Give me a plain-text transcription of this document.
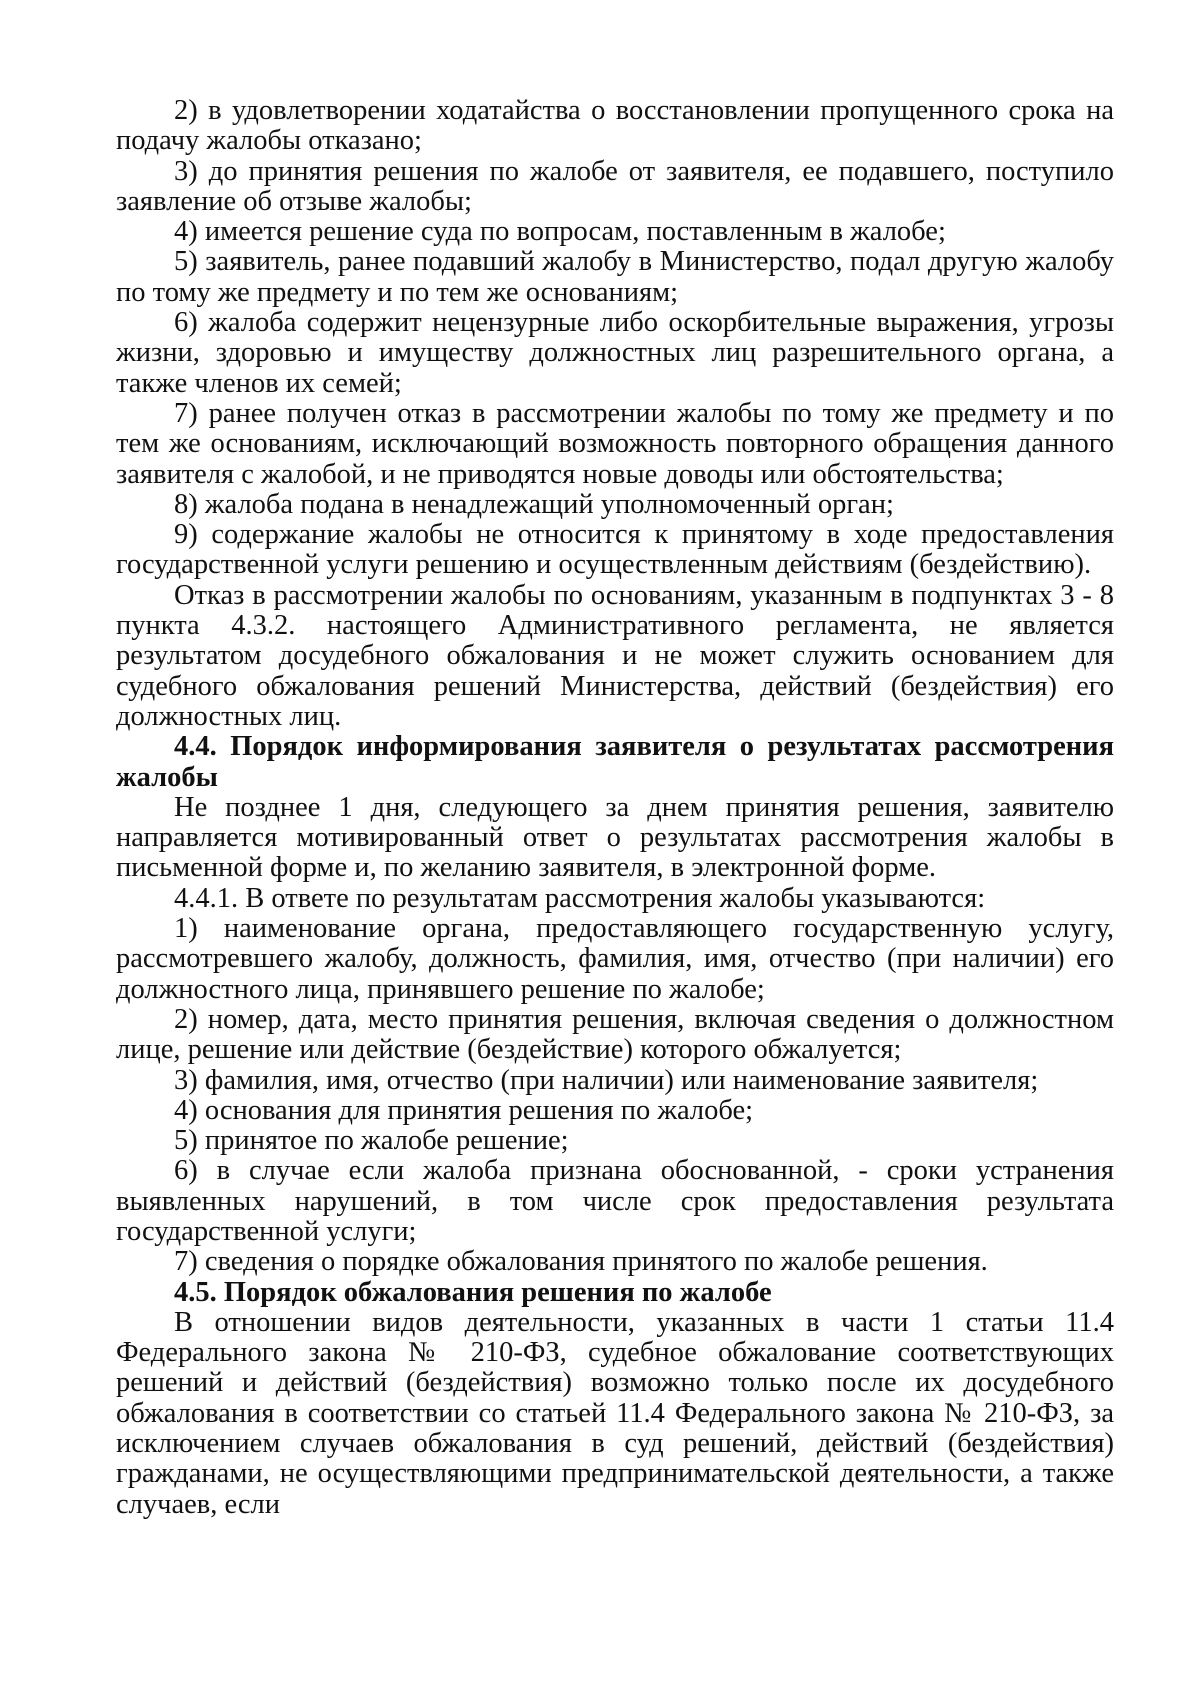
2) в удовлетворении ходатайства о восстановлении пропущенного срока на подачу жалобы отказано;

3) до принятия решения по жалобе от заявителя, ее подавшего, поступило заявление об отзыве жалобы;

4) имеется решение суда по вопросам, поставленным в жалобе;

5) заявитель, ранее подавший жалобу в Министерство, подал другую жалобу по тому же предмету и по тем же основаниям;

6) жалоба содержит нецензурные либо оскорбительные выражения, угрозы жизни, здоровью и имуществу должностных лиц разрешительного органа, а также членов их семей;

7) ранее получен отказ в рассмотрении жалобы по тому же предмету и по тем же основаниям, исключающий возможность повторного обращения данного заявителя с жалобой, и не приводятся новые доводы или обстоятельства;

8) жалоба подана в ненадлежащий уполномоченный орган;

9) содержание жалобы не относится к принятому в ходе предоставления государственной услуги решению и осуществленным действиям (бездействию).

Отказ в рассмотрении жалобы по основаниям, указанным в подпунктах 3 - 8 пункта 4.3.2. настоящего Административного регламента, не является результатом досудебного обжалования и не может служить основанием для судебного обжалования решений Министерства, действий (бездействия) его должностных лиц.

4.4. Порядок информирования заявителя о результатах рассмотрения жалобы

Не позднее 1 дня, следующего за днем принятия решения, заявителю направляется мотивированный ответ о результатах рассмотрения жалобы в письменной форме и, по желанию заявителя, в электронной форме.

4.4.1. В ответе по результатам рассмотрения жалобы указываются:

1) наименование органа, предоставляющего государственную услугу, рассмотревшего жалобу, должность, фамилия, имя, отчество (при наличии) его должностного лица, принявшего решение по жалобе;

2) номер, дата, место принятия решения, включая сведения о должностном лице, решение или действие (бездействие) которого обжалуется;

3) фамилия, имя, отчество (при наличии) или наименование заявителя;

4) основания для принятия решения по жалобе;

5) принятое по жалобе решение;

6) в случае если жалоба признана обоснованной, - сроки устранения выявленных нарушений, в том числе срок предоставления результата государственной услуги;

7) сведения о порядке обжалования принятого по жалобе решения.

4.5. Порядок обжалования решения по жалобе

В отношении видов деятельности, указанных в части 1 статьи 11.4 Федерального закона № 210-ФЗ, судебное обжалование соответствующих решений и действий (бездействия) возможно только после их досудебного обжалования в соответствии со статьей 11.4 Федерального закона № 210-ФЗ, за исключением случаев обжалования в суд решений, действий (бездействия) гражданами, не осуществляющими предпринимательской деятельности, а также случаев, если
